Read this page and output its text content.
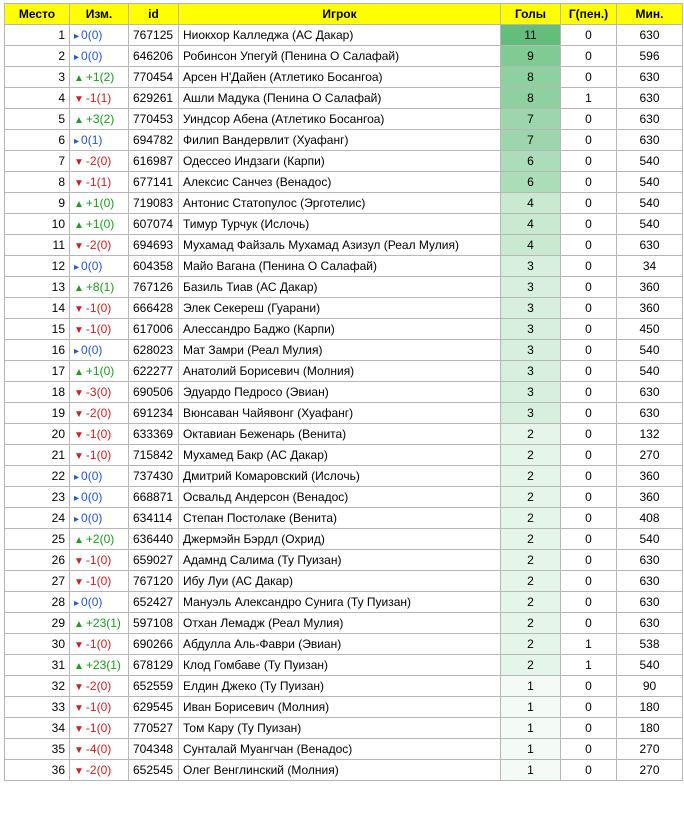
Место	Изм.	id	Игрок	Голы	Г(пен.)	Мин.
1	▸ 0(0)	767125	Ниокхор Калледжа (АС Дакар)	11	0	630
2	▸ 0(0)	646206	Робинсон Упегуй (Пенина О Салафай)	9	0	596
3	▲ +1(2)	770454	Арсен Н'Дайен (Атлетико Босангоа)	8	0	630
4	▼ -1(1)	629261	Ашли Мадука (Пенина О Салафай)	8	1	630
5	▲ +3(2)	770453	Уиндсор Абена (Атлетико Босангоа)	7	0	630
6	▸ 0(1)	694782	Филип Вандервлит (Хуафанг)	7	0	630
7	▼ -2(0)	616987	Одессео Индзаги (Карпи)	6	0	540
8	▼ -1(1)	677141	Алексис Санчез (Венадос)	6	0	540
9	▲ +1(0)	719083	Антонис Статопулос (Эрготелис)	4	0	540
10	▲ +1(0)	607074	Тимур Турчук (Ислочь)	4	0	540
11	▼ -2(0)	694693	Мухамад Файзаль Мухамад Азизул (Реал Мулия)	4	0	630
12	▸ 0(0)	604358	Майо Вагана (Пенина О Салафай)	3	0	34
13	▲ +8(1)	767126	Базиль Тиав (АС Дакар)	3	0	360
14	▼ -1(0)	666428	Элек Секереш (Гуарани)	3	0	360
15	▼ -1(0)	617006	Алессандро Баджо (Карпи)	3	0	450
16	▸ 0(0)	628023	Мат Замри (Реал Мулия)	3	0	540
17	▲ +1(0)	622277	Анатолий Борисевич (Молния)	3	0	540
18	▼ -3(0)	690506	Эдуардо Педросо (Эвиан)	3	0	630
19	▼ -2(0)	691234	Вюнсаван Чайявонг (Хуафанг)	3	0	630
20	▼ -1(0)	633369	Октавиан Беженарь (Венита)	2	0	132
21	▼ -1(0)	715842	Мухамед Бакр (АС Дакар)	2	0	270
22	▸ 0(0)	737430	Дмитрий Комаровский (Ислочь)	2	0	360
23	▸ 0(0)	668871	Освальд Андерсон (Венадос)	2	0	360
24	▸ 0(0)	634114	Степан Постолаке (Венита)	2	0	408
25	▲ +2(0)	636440	Джермэйн Бэрдл (Охрид)	2	0	540
26	▼ -1(0)	659027	Адамнд Салима (Ту Пуизан)	2	0	630
27	▼ -1(0)	767120	Ибу Луи (АС Дакар)	2	0	630
28	▸ 0(0)	652427	Мануэль Александро Сунига (Ту Пуизан)	2	0	630
29	▲ +23(1)	597108	Отхан Лемадж (Реал Мулия)	2	0	630
30	▼ -1(0)	690266	Абдулла Аль-Фаври (Эвиан)	2	1	538
31	▲ +23(1)	678129	Клод Гомбаве (Ту Пуизан)	2	1	540
32	▼ -2(0)	652559	Елдин Джеко (Ту Пуизан)	1	0	90
33	▼ -1(0)	629545	Иван Борисевич (Молния)	1	0	180
34	▼ -1(0)	770527	Том Кару (Ту Пуизан)	1	0	180
35	▼ -4(0)	704348	Сунталай Муангчан (Венадос)	1	0	270
36	▼ -2(0)	652545	Олег Венглинский (Молния)	1	0	270
